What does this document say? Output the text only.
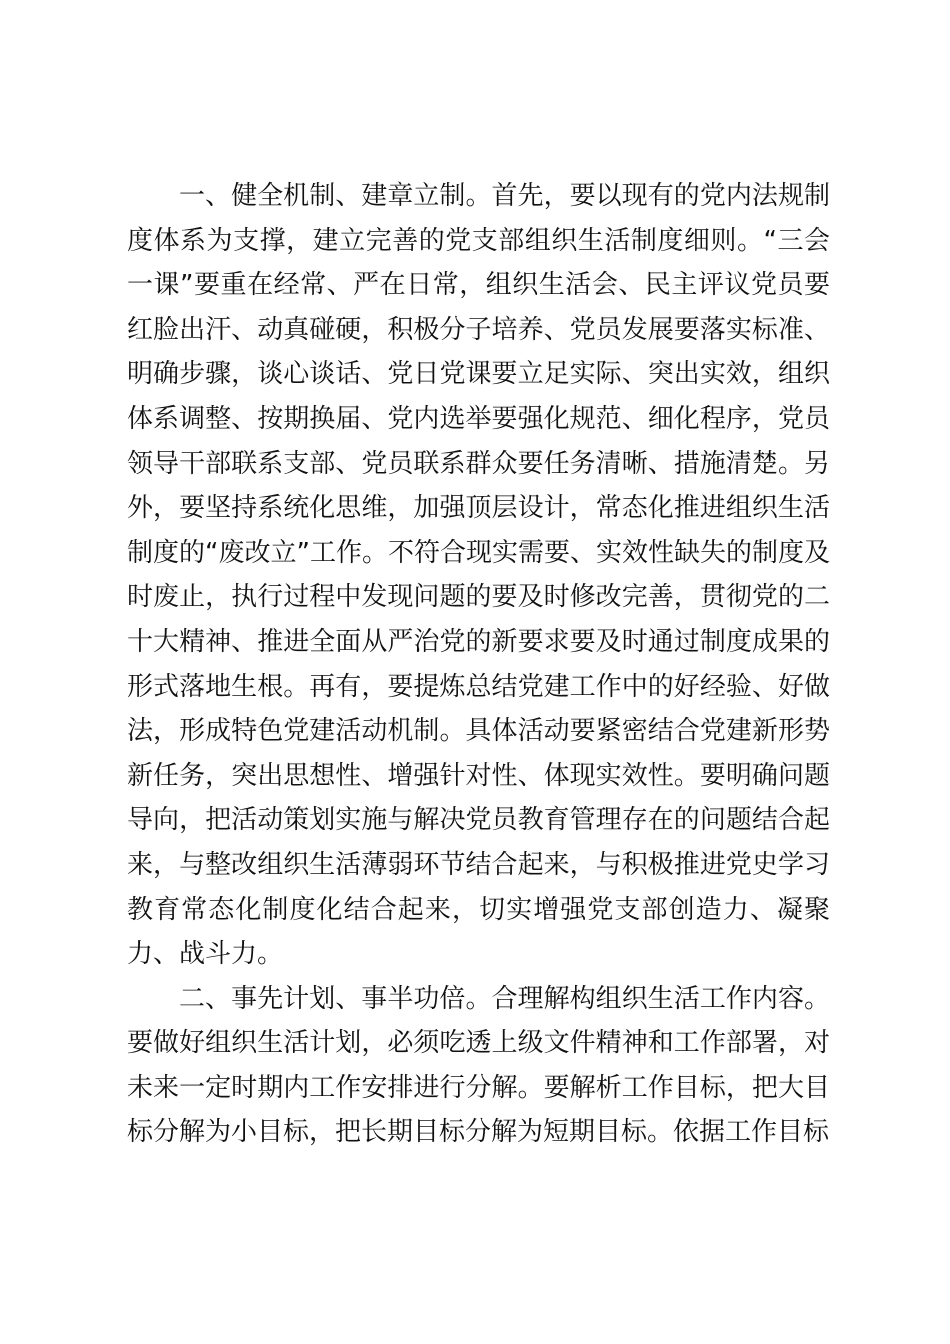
一、健全机制、建章立制。首先，要以现有的党内法规制度体系为支撑，建立完善的党支部组织生活制度细则。“三会一课”要重在经常、严在日常，组织生活会、民主评议党员要红脸出汗、动真碰硬，积极分子培养、党员发展要落实标准、明确步骤，谈心谈话、党日党课要立足实际、突出实效，组织体系调整、按期换届、党内选举要强化规范、细化程序，党员领导干部联系支部、党员联系群众要任务清晰、措施清楚。另外，要坚持系统化思维，加强顶层设计，常态化推进组织生活制度的“废改立”工作。不符合现实需要、实效性缺失的制度及时废止，执行过程中发现问题的要及时修改完善，贯彻党的二十大精神、推进全面从严治党的新要求要及时通过制度成果的形式落地生根。再有，要提炼总结党建工作中的好经验、好做法，形成特色党建活动机制。具体活动要紧密结合党建新形势新任务，突出思想性、增强针对性、体现实效性。要明确问题导向，把活动策划实施与解决党员教育管理存在的问题结合起来，与整改组织生活薄弱环节结合起来，与积极推进党史学习教育常态化制度化结合起来，切实增强党支部创造力、凝聚力、战斗力。

二、事先计划、事半功倍。合理解构组织生活工作内容。要做好组织生活计划，必须吃透上级文件精神和工作部署，对未来一定时期内工作安排进行分解。要解析工作目标，把大目标分解为小目标，把长期目标分解为短期目标。依据工作目标
